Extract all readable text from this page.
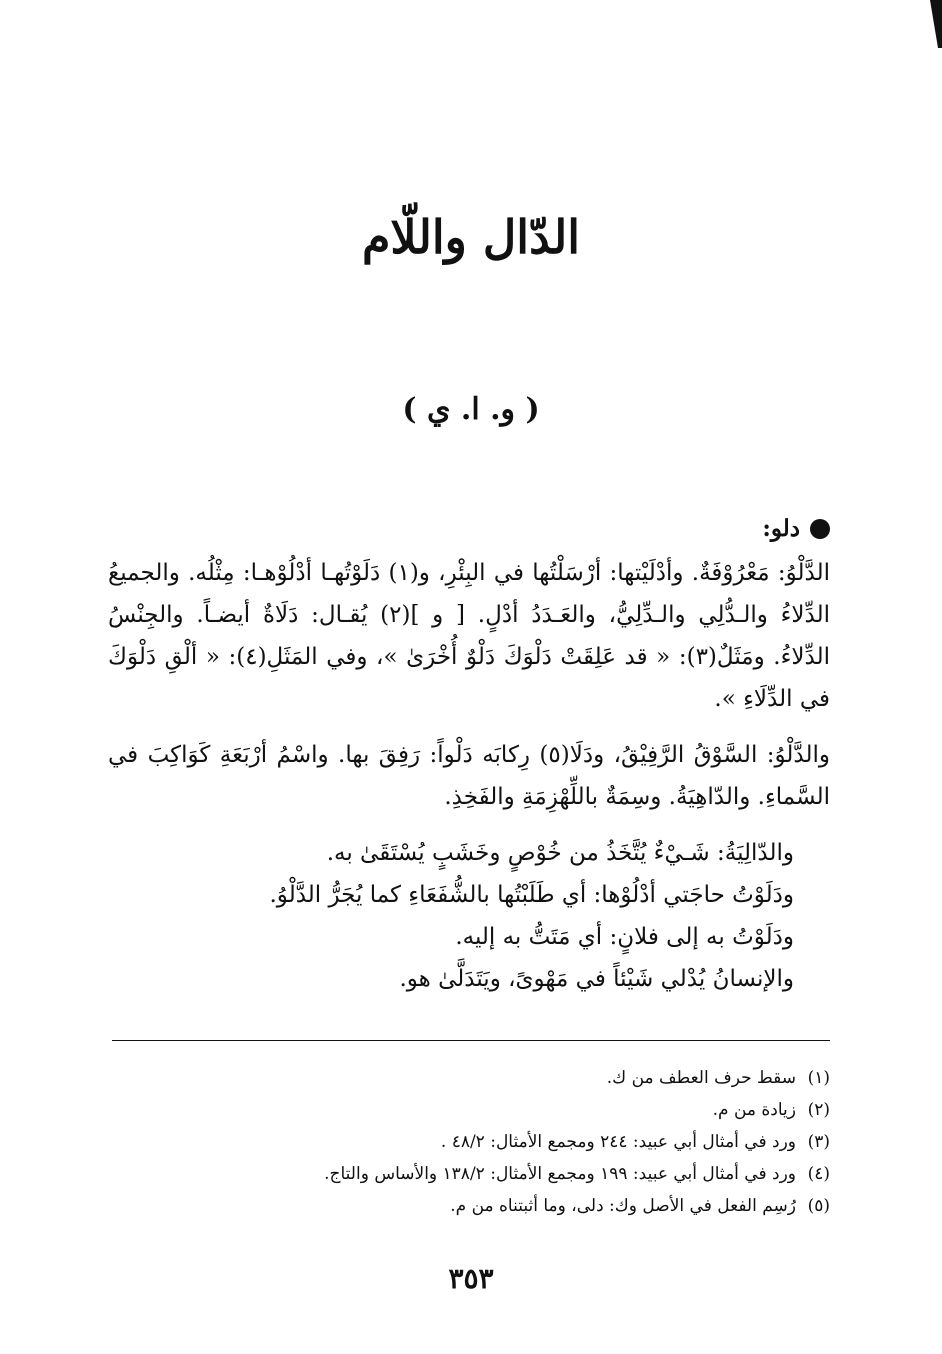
الدّال واللّام
( و. ا. ي )
دلو:

الدَّلْوُ: مَعْرُوْفَةٌ. وأدْلَيْتها: أرْسَلْتُها في البِئْرِ، و(١) دَلَوْتُهـا أدْلُوْهـا: مِثْلُه. والجميعُ الدِّلاءُ والـدُّلِي والـدِّلِيُّ، والعَـدَدُ أدْلٍ. [ و ](٢) يُقـال: دَلَاةٌ أيضـاً. والجِنْسُ الدِّلاءُ. ومَثَلٌ(٣): « قد عَلِقَتْ دَلْوَكَ دَلْوٌ أُخْرَىٰ »، وفي المَثَلِ(٤): « ألْقِ دَلْوَكَ في الدِّلَاءِ ».

والدَّلْوُ: السَّوْقُ الرَّفِيْقُ، ودَلَا(٥) رِكابَه دَلْواً: رَفِقَ بها. واسْمُ أرْبَعَةِ كَوَاكِبَ في السَّماءِ. والدّاهِيَةُ. وسِمَةٌ باللِّهْزِمَةِ والفَخِذِ.

والدّالِيَةُ: شَـيْءٌ يُتَّخَذُ من خُوْصٍ وخَشَبٍ يُسْتَقَىٰ به.

ودَلَوْتُ حاجَتي أدْلُوْها: أي طَلَبْتُها بالشُّفَعَاءِ كما يُجَرُّ الدَّلْوُ.

ودَلَوْتُ به إلى فلانٍ: أي مَتَتُّ به إليه.

والإنسانُ يُدْلي شَيْئاً في مَهْوىً، ويَتَدَلَّىٰ هو.

(١)
سقط حرف العطف من ك.
(٢)
زيادة من م.
(٣)
ورد في أمثال أبي عبيد: ٢٤٤ ومجمع الأمثال: ٤٨/٢ .
(٤)
ورد في أمثال أبي عبيد: ١٩٩ ومجمع الأمثال: ١٣٨/٢ والأساس والتاج.
(٥)
رُسِم الفعل في الأصل وك: دلى، وما أثبتناه من م.
٣٥٣
